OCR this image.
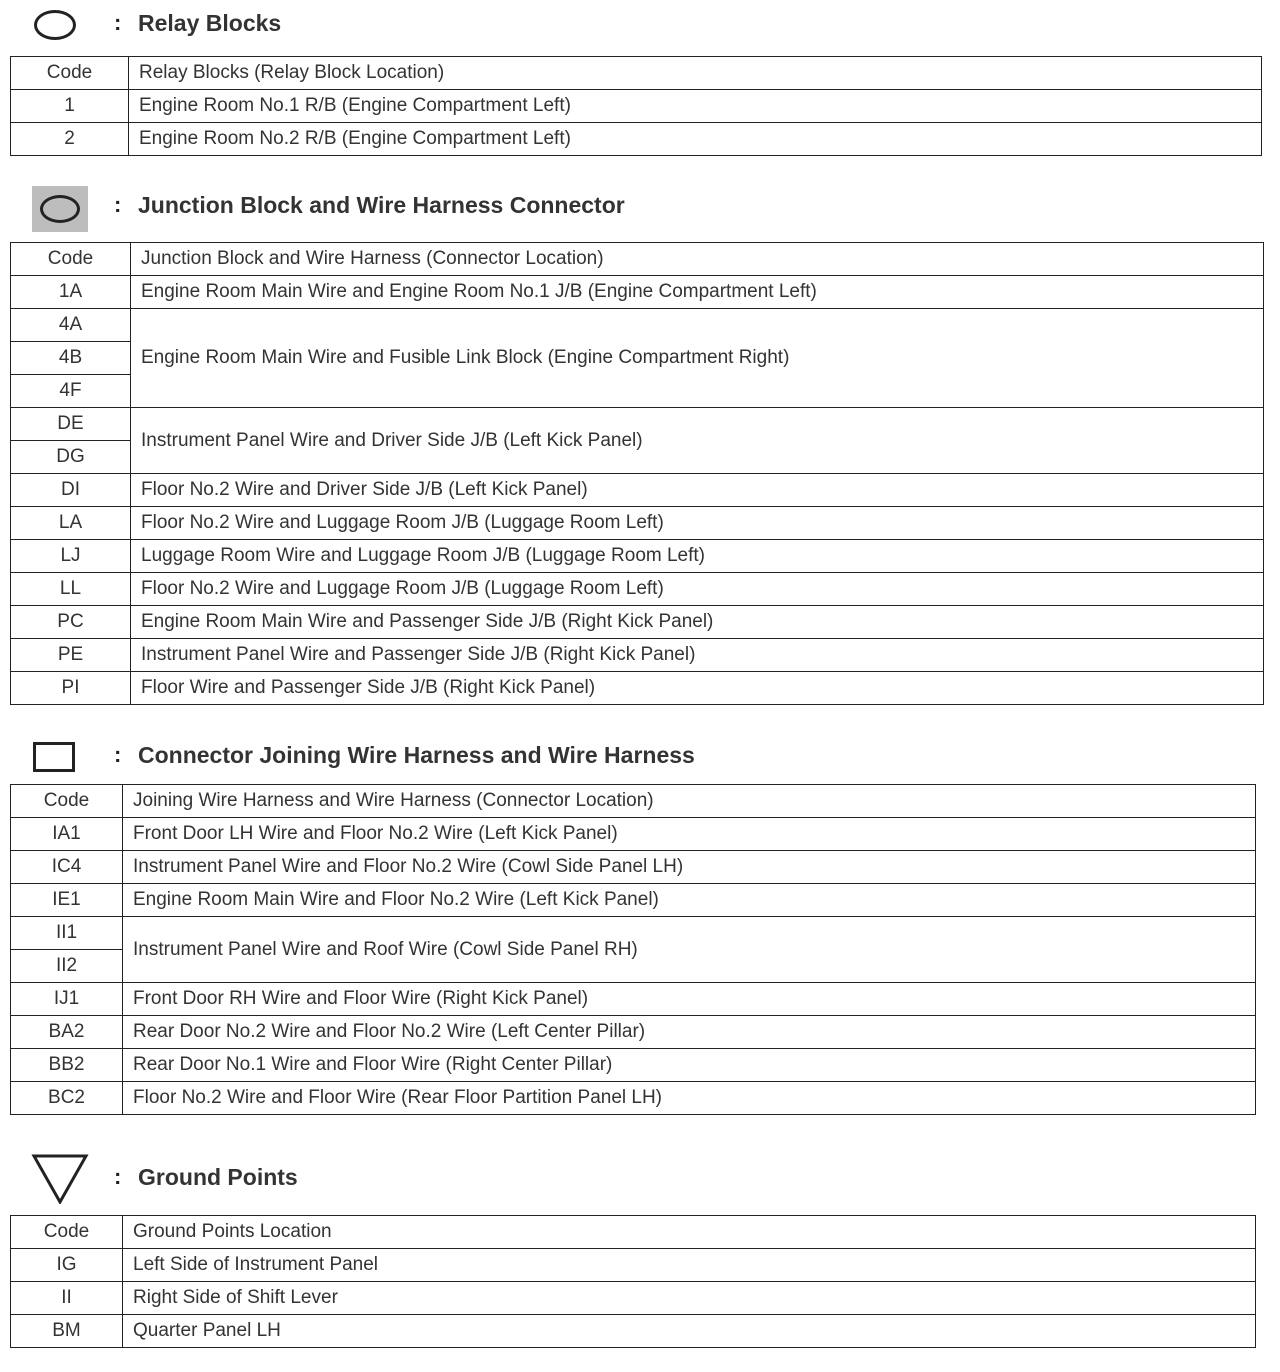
: Relay Blocks
Code	Relay Blocks (Relay Block Location)
1	Engine Room No.1 R/B (Engine Compartment Left)
2	Engine Room No.2 R/B (Engine Compartment Left)
: Junction Block and Wire Harness Connector
Code	Junction Block and Wire Harness (Connector Location)
1A	Engine Room Main Wire and Engine Room No.1 J/B (Engine Compartment Left)
4A	Engine Room Main Wire and Fusible Link Block (Engine Compartment Right)
4B	
4F	
DE	Instrument Panel Wire and Driver Side J/B (Left Kick Panel)
DG	
DI	Floor No.2 Wire and Driver Side J/B (Left Kick Panel)
LA	Floor No.2 Wire and Luggage Room J/B (Luggage Room Left)
LJ	Luggage Room Wire and Luggage Room J/B (Luggage Room Left)
LL	Floor No.2 Wire and Luggage Room J/B (Luggage Room Left)
PC	Engine Room Main Wire and Passenger Side J/B (Right Kick Panel)
PE	Instrument Panel Wire and Passenger Side J/B (Right Kick Panel)
PI	Floor Wire and Passenger Side J/B (Right Kick Panel)
: Connector Joining Wire Harness and Wire Harness
Code	Joining Wire Harness and Wire Harness (Connector Location)
IA1	Front Door LH Wire and Floor No.2 Wire (Left Kick Panel)
IC4	Instrument Panel Wire and Floor No.2 Wire (Cowl Side Panel LH)
IE1	Engine Room Main Wire and Floor No.2 Wire (Left Kick Panel)
II1	Instrument Panel Wire and Roof Wire (Cowl Side Panel RH)
II2	
IJ1	Front Door RH Wire and Floor Wire (Right Kick Panel)
BA2	Rear Door No.2 Wire and Floor No.2 Wire (Left Center Pillar)
BB2	Rear Door No.1 Wire and Floor Wire (Right Center Pillar)
BC2	Floor No.2 Wire and Floor Wire (Rear Floor Partition Panel LH)
: Ground Points
Code	Ground Points Location
IG	Left Side of Instrument Panel
II	Right Side of Shift Lever
BM	Quarter Panel LH
